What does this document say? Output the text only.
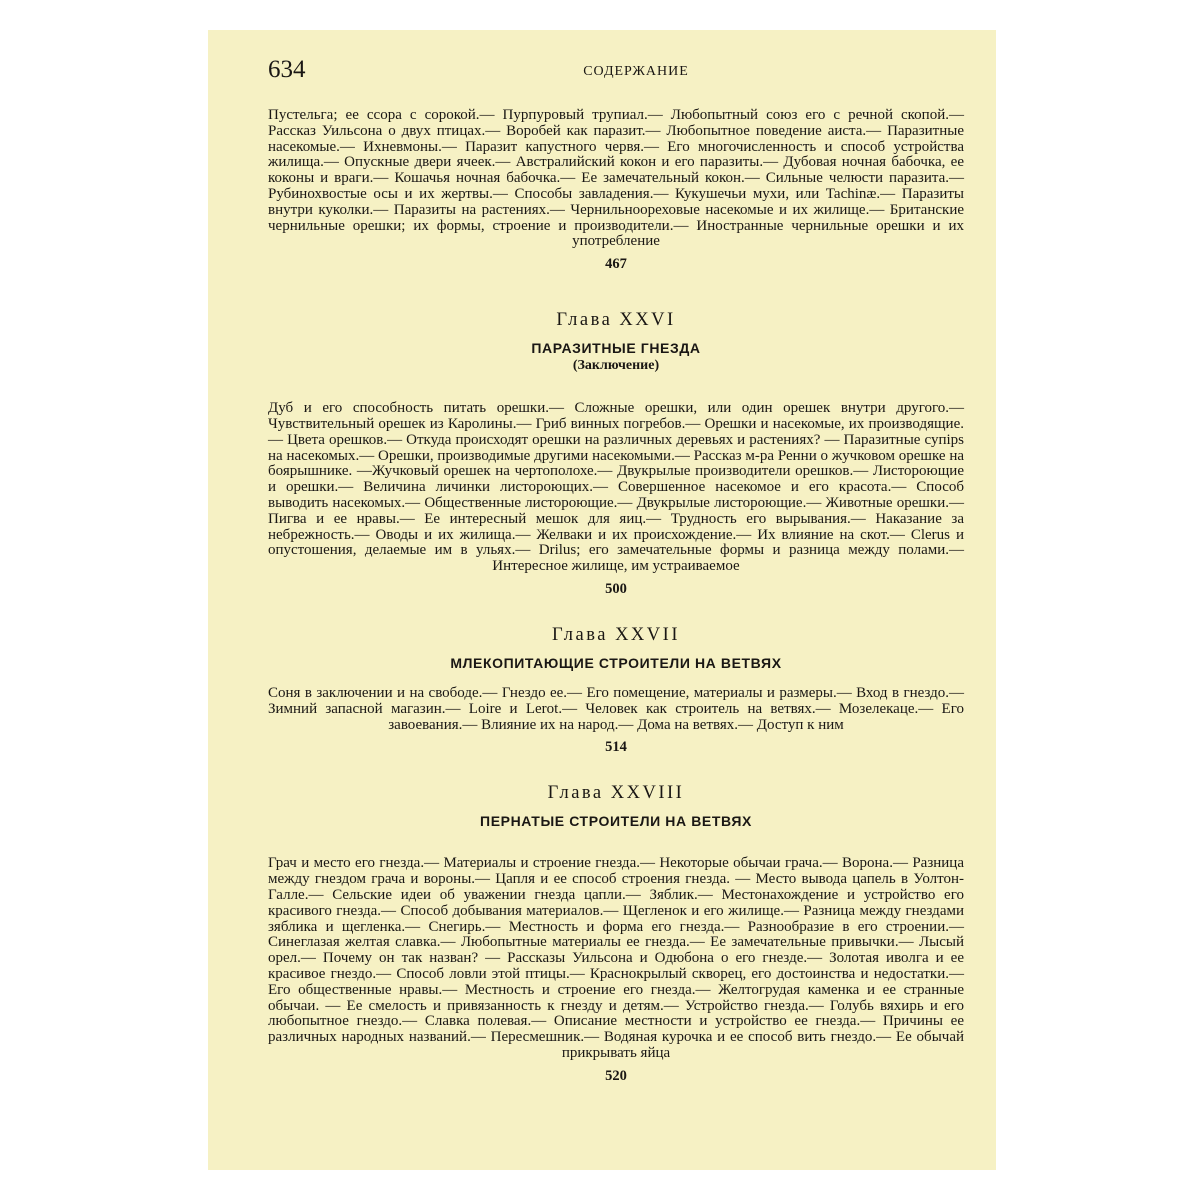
634	СОДЕРЖАНИЕ

Пустельга; ее ссора с сорокой.— Пурпуровый трупиал.— Любопытный союз его с речной скопой.— Рассказ Уильсона о двух птицах.— Воробей как паразит.— Любопытное поведение аиста.— Паразитные насекомые.— Ихневмоны.— Паразит капустного червя.— Его многочисленность и способ устройства жилища.— Опускные двери ячеек.— Австралийский кокон и его паразиты.— Дубовая ночная бабочка, ее коконы и враги.— Кошачья ночная бабочка.— Ее замечательный кокон.— Сильные челюсти паразита.— Рубинохвостые осы и их жертвы.— Способы завладения.— Кукушечьи мухи, или Tachinæ.— Паразиты внутри куколки.— Паразиты на растениях.— Чернильноореховые насекомые и их жилище.— Британские чернильные орешки; их формы, строение и производители.— Иностранные чернильные орешки и их употребление

467

Глава XXVI
ПАРАЗИТНЫЕ ГНЕЗДА
(Заключение)

Дуб и его способность питать орешки.— Сложные орешки, или один орешек внутри другого.— Чувствительный орешек из Каролины.— Гриб винных погребов.— Орешки и насекомые, их производящие.— Цвета орешков.— Откуда происходят орешки на различных деревьях и растениях? — Паразитные супірѕ на насекомых.— Орешки, производимые другими насекомыми.— Рассказ м-ра Ренни о жучковом орешке на боярышнике. —Жучковый орешек на чертополохе.— Двукрылые производители орешков.— Листороющие и орешки.— Величина личинки листороющих.— Совершенное насекомое и его красота.— Способ выводить насекомых.— Общественные листороющие.— Двукрылые листороющие.— Животные орешки.— Пигва и ее нравы.— Ее интересный мешок для яиц.— Трудность его вырывания.— Наказание за небрежность.— Оводы и их жилища.— Желваки и их происхождение.— Их влияние на скот.— Clerus и опустошения, делаемые им в ульях.— Drilus; его замечательные формы и разница между полами.— Интересное жилище, им устраиваемое

500

Глава XXVII
МЛЕКОПИТАЮЩИЕ СТРОИТЕЛИ НА ВЕТВЯХ

Соня в заключении и на свободе.— Гнездо ее.— Его помещение, материалы и размеры.— Вход в гнездо.— Зимний запасной магазин.— Loire и Lerot.— Человек как строитель на ветвях.— Мозелекаце.— Его завоевания.— Влияние их на народ.— Дома на ветвях.— Доступ к ним

514

Глава XXVIII
ПЕРНАТЫЕ СТРОИТЕЛИ НА ВЕТВЯХ

Грач и место его гнезда.— Материалы и строение гнезда.— Некоторые обычаи грача.— Ворона.— Разница между гнездом грача и вороны.— Цапля и ее способ строения гнезда. — Место вывода цапель в Уолтон-Галле.— Сельские идеи об уважении гнезда цапли.— Зяблик.— Местонахождение и устройство его красивого гнезда.— Способ добывания материалов.— Щегленок и его жилище.— Разница между гнездами зяблика и щегленка.— Снегирь.— Местность и форма его гнезда.— Разнообразие в его строении.— Синеглазая желтая славка.— Любопытные материалы ее гнезда.— Ее замечательные привычки.— Лысый орел.— Почему он так назван? — Рассказы Уильсона и Одюбона о его гнезде.— Золотая иволга и ее красивое гнездо.— Способ ловли этой птицы.— Краснокрылый скворец, его достоинства и недостатки.— Его общественные нравы.— Местность и строение его гнезда.— Желтогрудая каменка и ее странные обычаи. — Ее смелость и привязанность к гнезду и детям.— Устройство гнезда.— Голубь вяхирь и его любопытное гнездо.— Славка полевая.— Описание местности и устройство ее гнезда.— Причины ее различных народных названий.— Пересмешник.— Водяная курочка и ее способ вить гнездо.— Ее обычай прикрывать яйца

520
